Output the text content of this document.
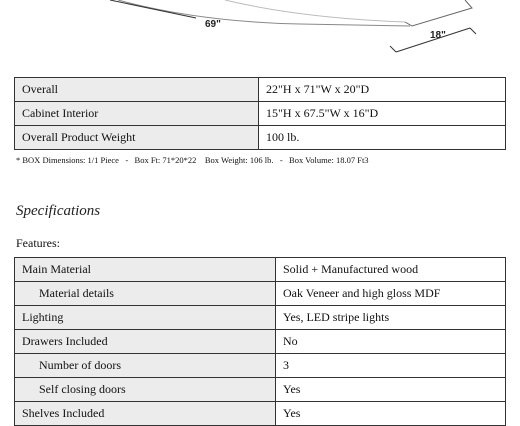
69"
18"
Overall	22"H x 71"W x 20"D
Cabinet Interior	15"H x 67.5"W x 16"D
Overall Product Weight	100 lb.
* BOX Dimensions: 1/1 Piece   -   Box Ft: 71*20*22    Box Weight: 106 lb.   -   Box Volume: 18.07 Ft3
Specifications
Features:
Main Material	Solid + Manufactured wood
Material details	Oak Veneer and high gloss MDF
Lighting	Yes, LED stripe lights
Drawers Included	No
Number of doors	3
Self closing doors	Yes
Shelves Included	Yes
